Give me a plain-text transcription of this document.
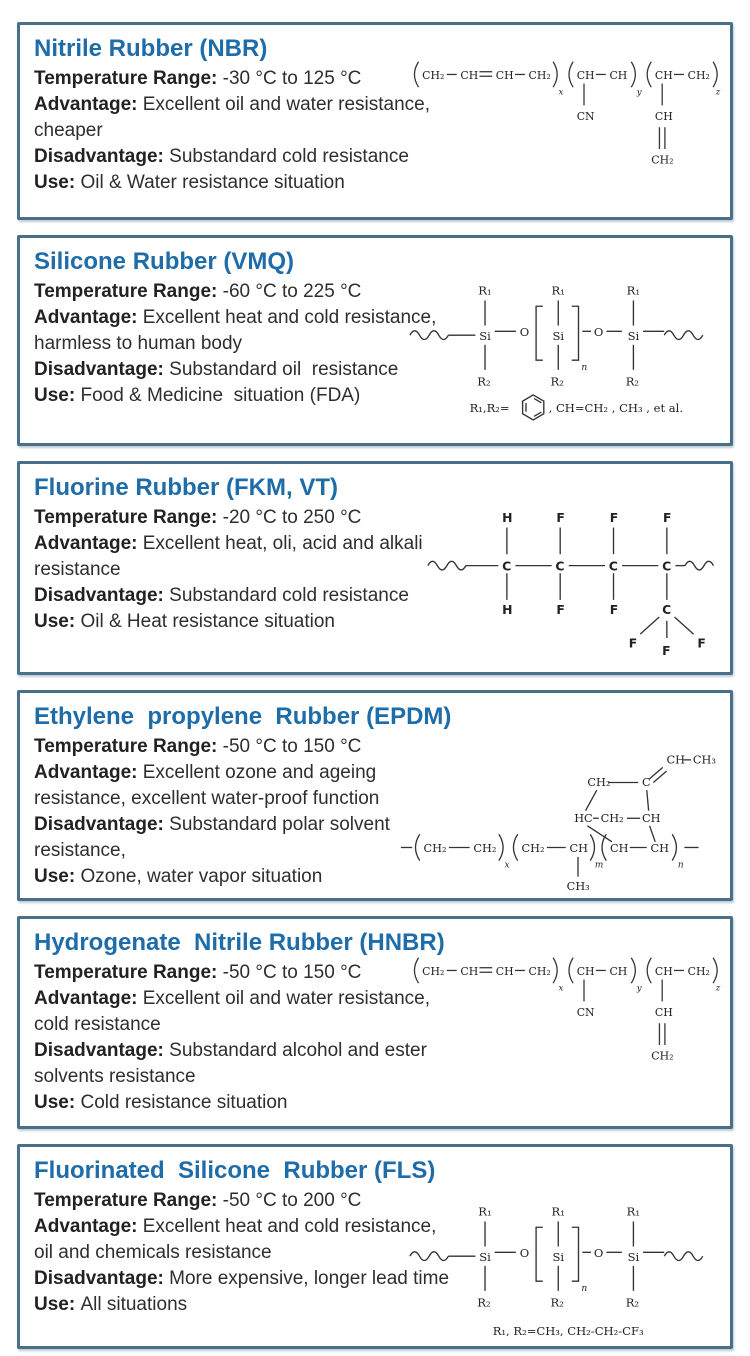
Nitrile Rubber (NBR)

Temperature Range: -30 °C to 125 °C

Advantage: Excellent oil and water resistance, cheaper

Disadvantage: Substandard cold resistance

Use: Oil & Water resistance situation

CH₂ CH CH CH₂
x
CH CH
y
CH CH₂
z
CN	CH
CH₂
Silicone Rubber (VMQ)

Temperature Range: -60 °C to 225 °C

Advantage: Excellent heat and cold resistance, harmless to human body

Disadvantage: Substandard oil  resistance

Use: Food & Medicine  situation (FDA)

Si
R₁
R₂
O Si
R₁
R₂
n
O Si
R₁
R₂
R₁,R₂=	, CH=CH₂ , CH₃ , et al.
Fluorine Rubber (FKM, VT)

Temperature Range: -20 °C to 250 °C

Advantage: Excellent heat, oli, acid and alkali resistance

Disadvantage: Substandard cold resistance

Use: Oil & Heat resistance situation

C
H
H
C
F
F
C
F
F
C
F
C
F
F
F
Ethylene  propylene  Rubber (EPDM)

Temperature Range: -50 °C to 150 °C

Advantage: Excellent ozone and ageing resistance, excellent water-proof function

Disadvantage: Substandard polar solvent resistance,

Use: Ozone, water vapor situation

CH₂ CH₂
x
CH₂ CH
m
CH CH
n
CH₃
HC CH₂ CH
CH₂	C
CH CH₃
Hydrogenate  Nitrile Rubber (HNBR)

Temperature Range: -50 °C to 150 °C

Advantage: Excellent oil and water resistance, cold resistance

Disadvantage: Substandard alcohol and ester solvents resistance

Use: Cold resistance situation

CH₂ CH CH CH₂
x
CH CH
y
CH CH₂
z
CN	CH
CH₂
Fluorinated  Silicone  Rubber (FLS)

Temperature Range: -50 °C to 200 °C

Advantage: Excellent heat and cold resistance, oil and chemicals resistance

Disadvantage: More expensive, longer lead time

Use: All situations

Si
R₁
R₂
O Si
R₁
R₂
n
O Si
R₁
R₂
R₁, R₂=CH₃, CH₂-CH₂-CF₃
